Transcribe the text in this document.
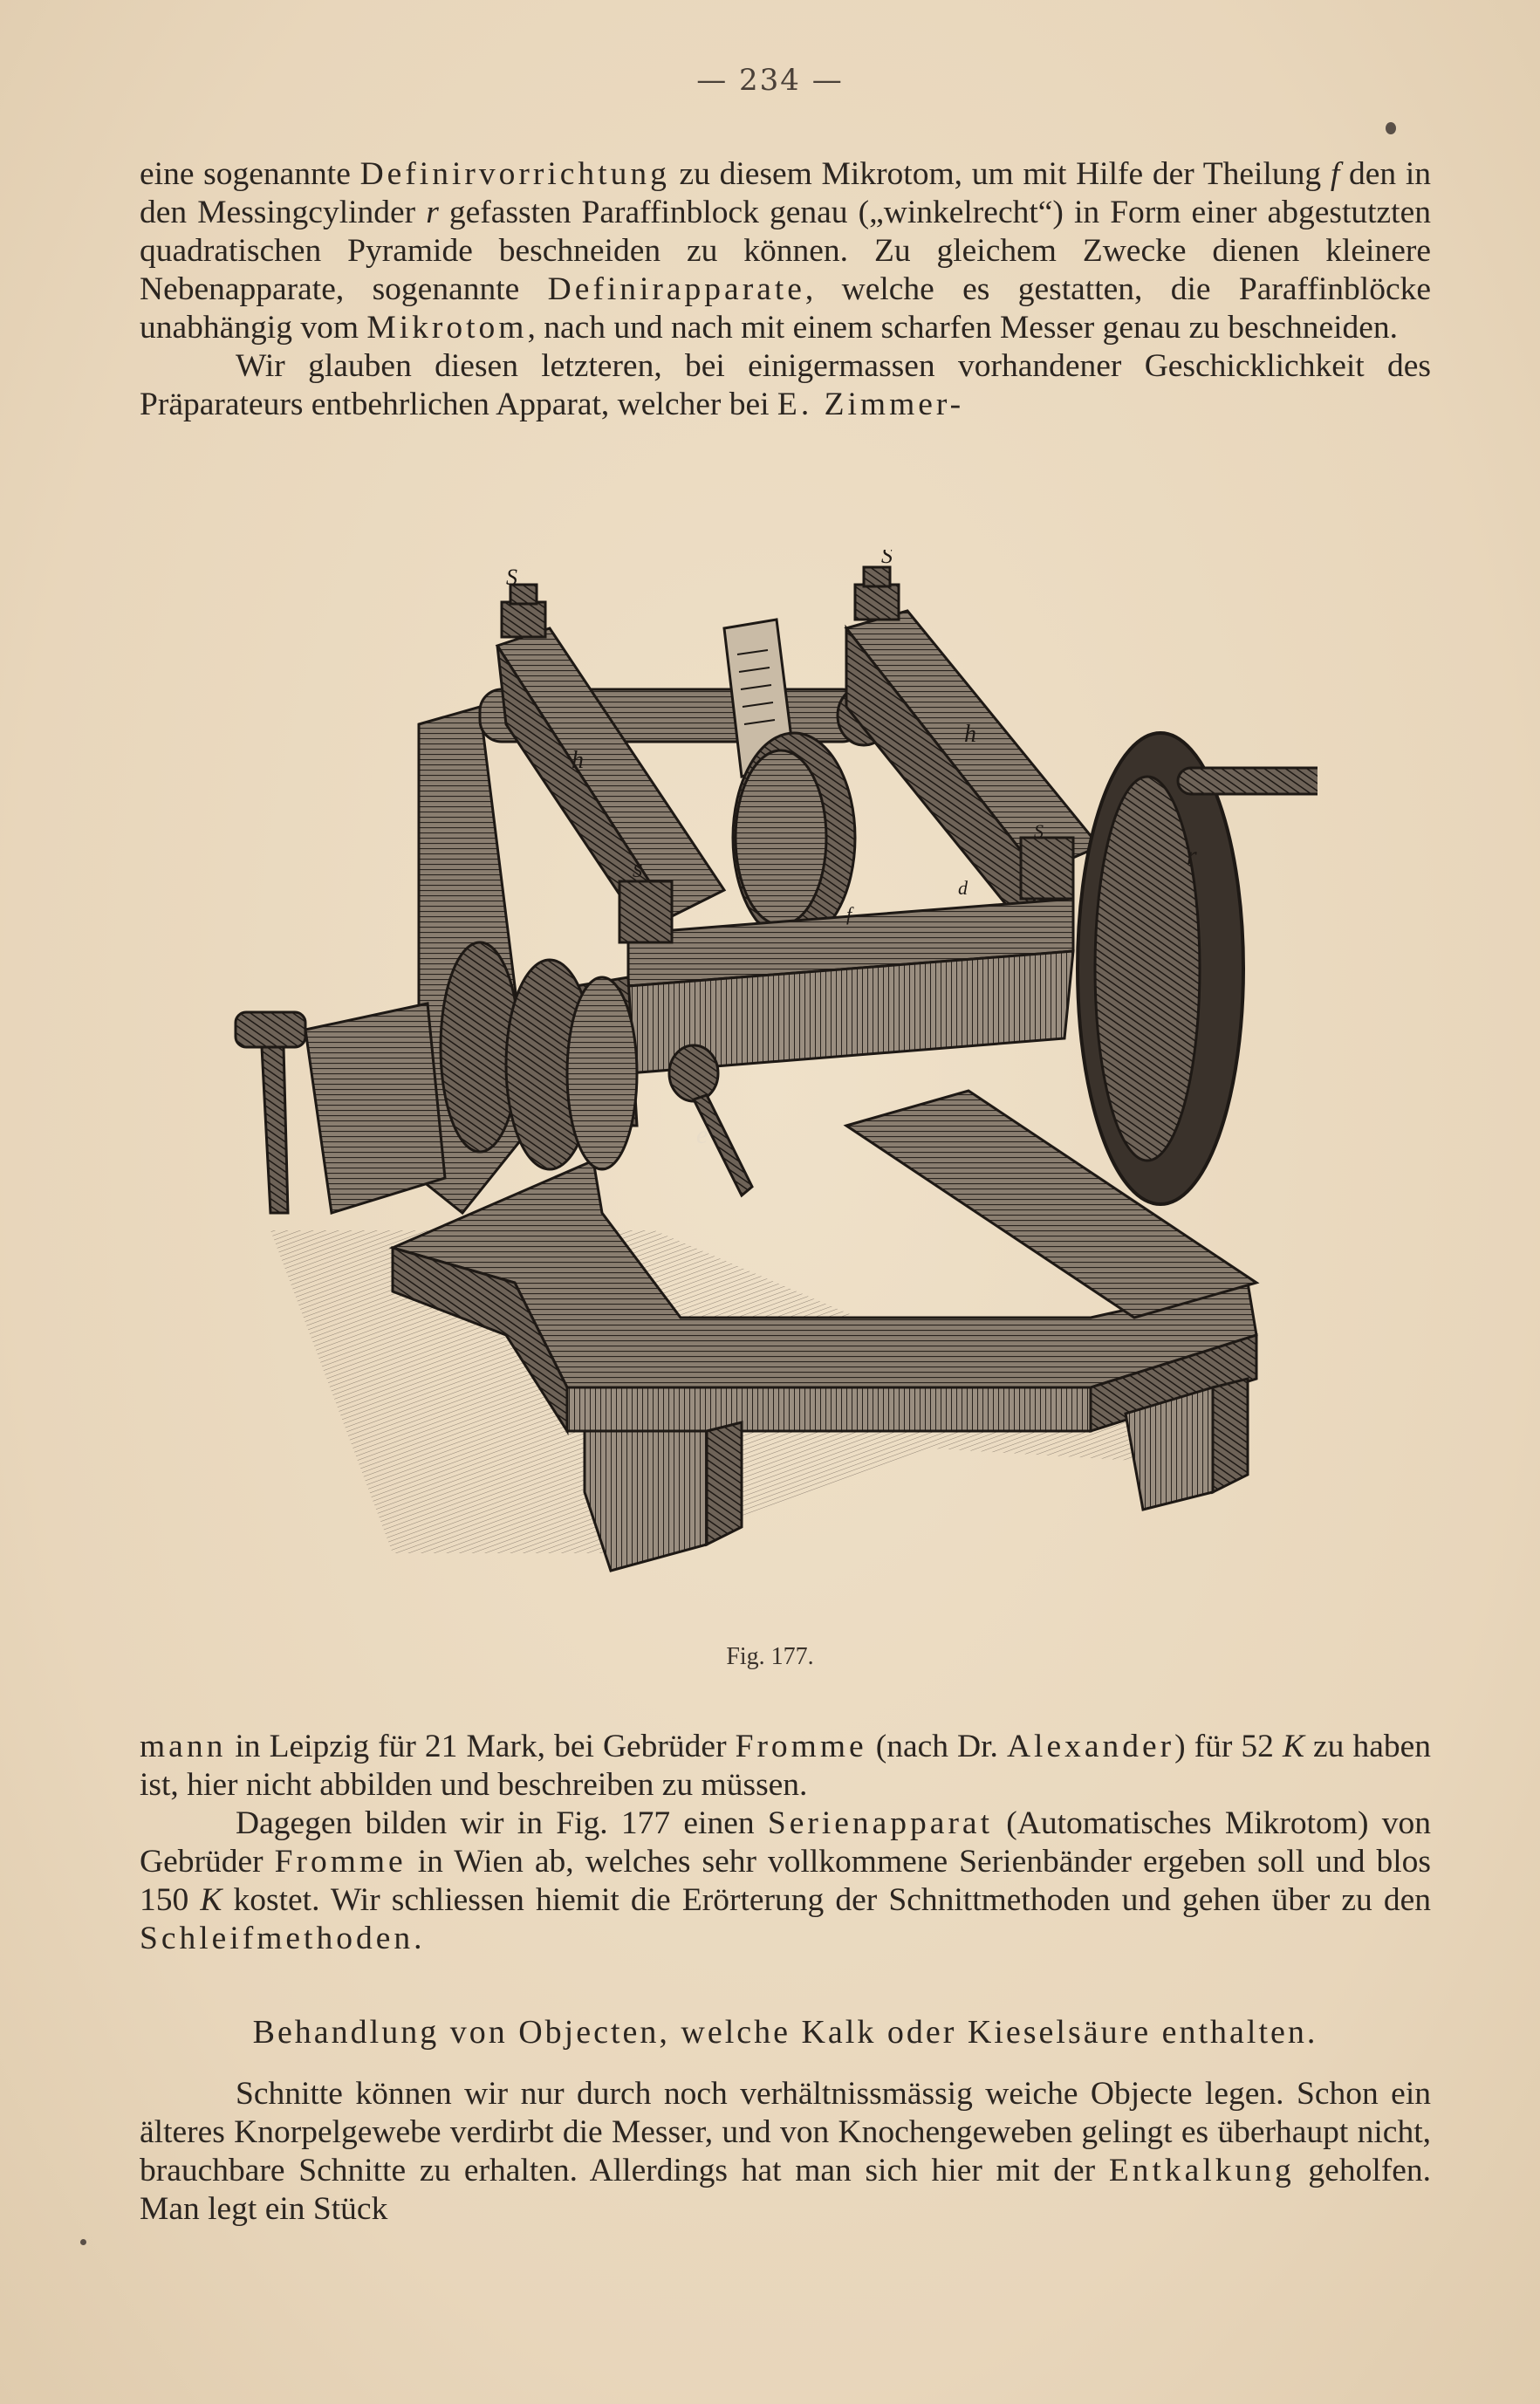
— 234 —

eine sogenannte Definirvorrichtung zu diesem Mikrotom, um mit Hilfe der Theilung f den in den Messingcylinder r gefassten Paraffinblock genau („winkelrecht“) in Form einer abgestutzten quadratischen Pyramide beschneiden zu können. Zu gleichem Zwecke dienen kleinere Nebenapparate, sogenannte Definirapparate, welche es gestatten, die Paraffinblöcke unabhängig vom Mikrotom, nach und nach mit einem scharfen Messer genau zu beschneiden.

Wir glauben diesen letzteren, bei einigermassen vorhandener Geschicklichkeit des Präparateurs entbehrlichen Apparat, welcher bei E. Zimmer-

S
S
h
h
r
e
d
f
S
S
Fig. 177.

mann in Leipzig für 21 Mark, bei Gebrüder Fromme (nach Dr. Alexander) für 52 K zu haben ist, hier nicht abbilden und beschreiben zu müssen.

Dagegen bilden wir in Fig. 177 einen Serienapparat (Automatisches Mikrotom) von Gebrüder Fromme in Wien ab, welches sehr vollkommene Serienbänder ergeben soll und blos 150 K kostet. Wir schliessen hiemit die Erörterung der Schnittmethoden und gehen über zu den Schleifmethoden.

Behandlung von Objecten, welche Kalk oder Kieselsäure enthalten.

Schnitte können wir nur durch noch verhältnissmässig weiche Objecte legen. Schon ein älteres Knorpelgewebe verdirbt die Messer, und von Knochengeweben gelingt es überhaupt nicht, brauchbare Schnitte zu erhalten. Allerdings hat man sich hier mit der Entkalkung geholfen. Man legt ein Stück
